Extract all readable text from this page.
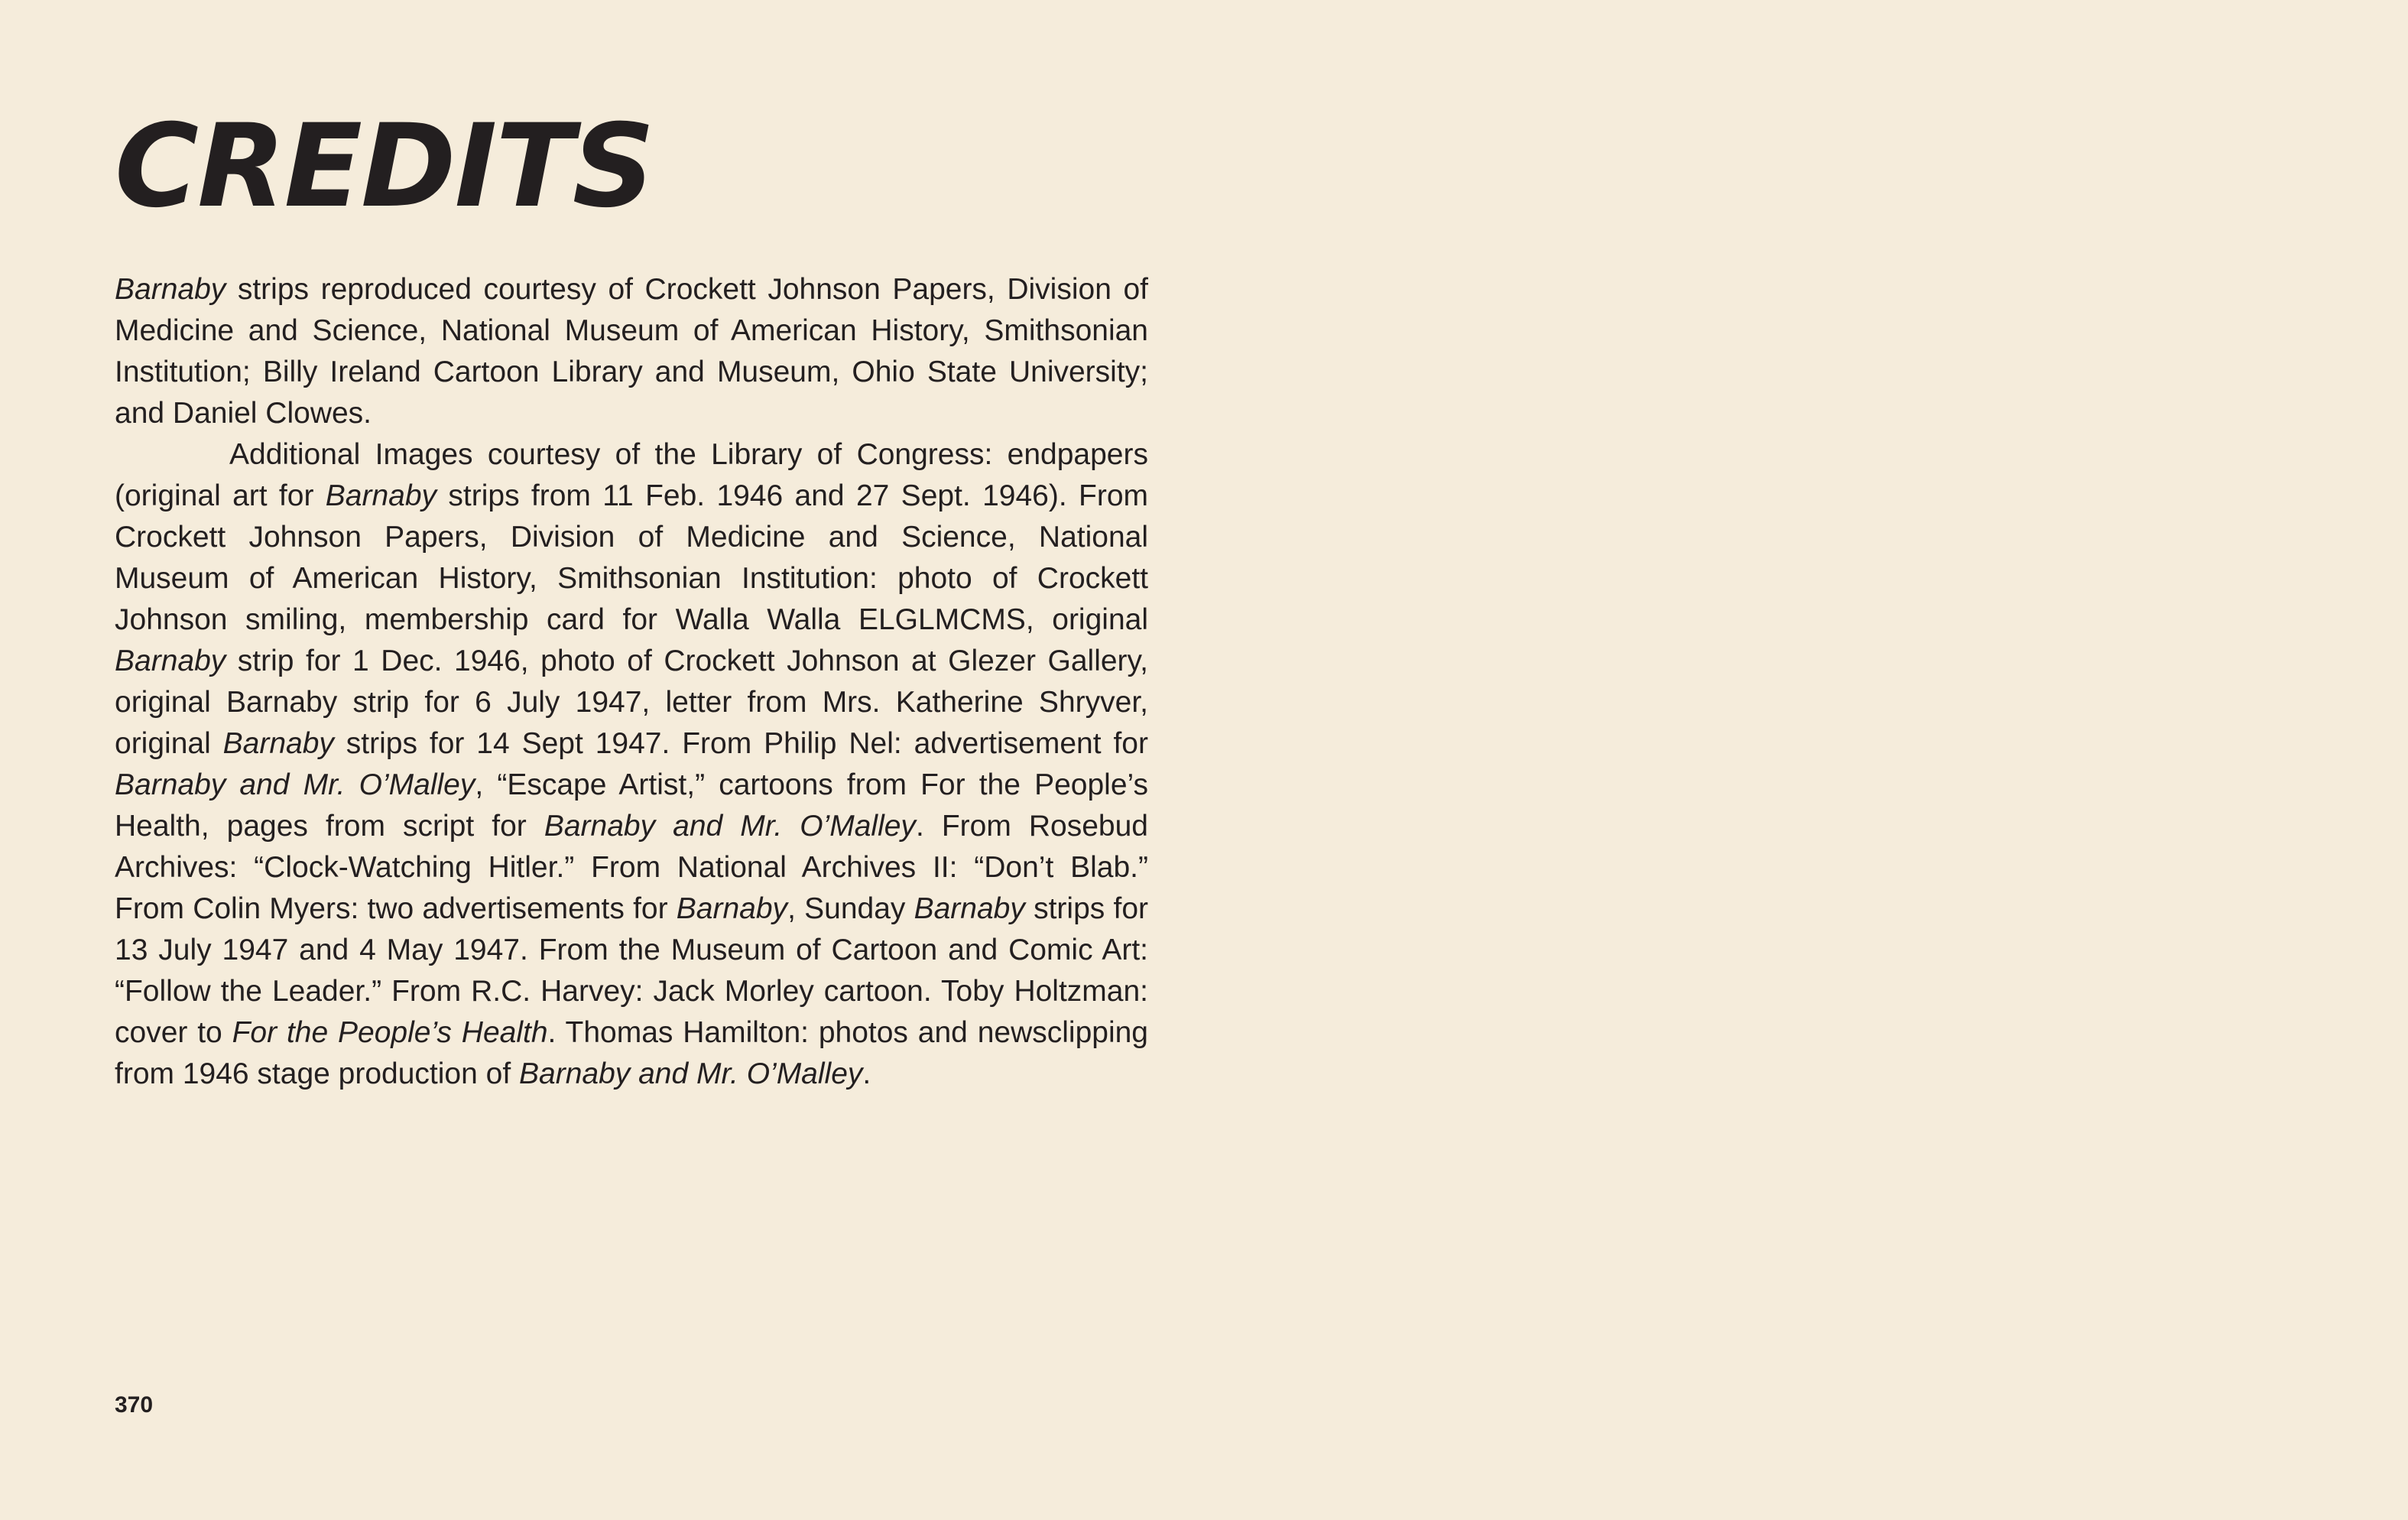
CREDITS

Barnaby strips reproduced courtesy of Crockett Johnson Papers, Division of Medicine and Science, National Museum of American History, Smithsonian Institution; Billy Ireland Cartoon Library and Museum, Ohio State University; and Daniel Clowes.

Additional Images courtesy of the Library of Congress: endpapers (original art for Barnaby strips from 11 Feb. 1946 and 27 Sept. 1946). From Crockett Johnson Papers, Division of Medicine and Science, National Museum of American History, Smithsonian Institution: photo of Crockett Johnson smiling, membership card for Walla Walla ELGLMCMS, original Barnaby strip for 1 Dec. 1946, photo of Crockett Johnson at Glezer Gallery, original Barnaby strip for 6 July 1947, letter from Mrs. Katherine Shryver, original Barnaby strips for 14 Sept 1947. From Philip Nel: advertisement for Barnaby and Mr. O’Malley, “Escape Artist,” cartoons from For the People’s Health, pages from script for Barnaby and Mr. O’Malley. From Rosebud Archives: “Clock-Watching Hitler.” From National Archives II: “Don’t Blab.” From Colin Myers: two advertisements for Barnaby, Sunday Barnaby strips for 13 July 1947 and 4 May 1947. From the Museum of Cartoon and Comic Art: “Follow the Leader.” From R.C. Harvey: Jack Morley cartoon. Toby Holtzman: cover to For the People’s Health. Thomas Hamilton: photos and newsclipping from 1946 stage production of Barnaby and Mr. O’Malley.

370
